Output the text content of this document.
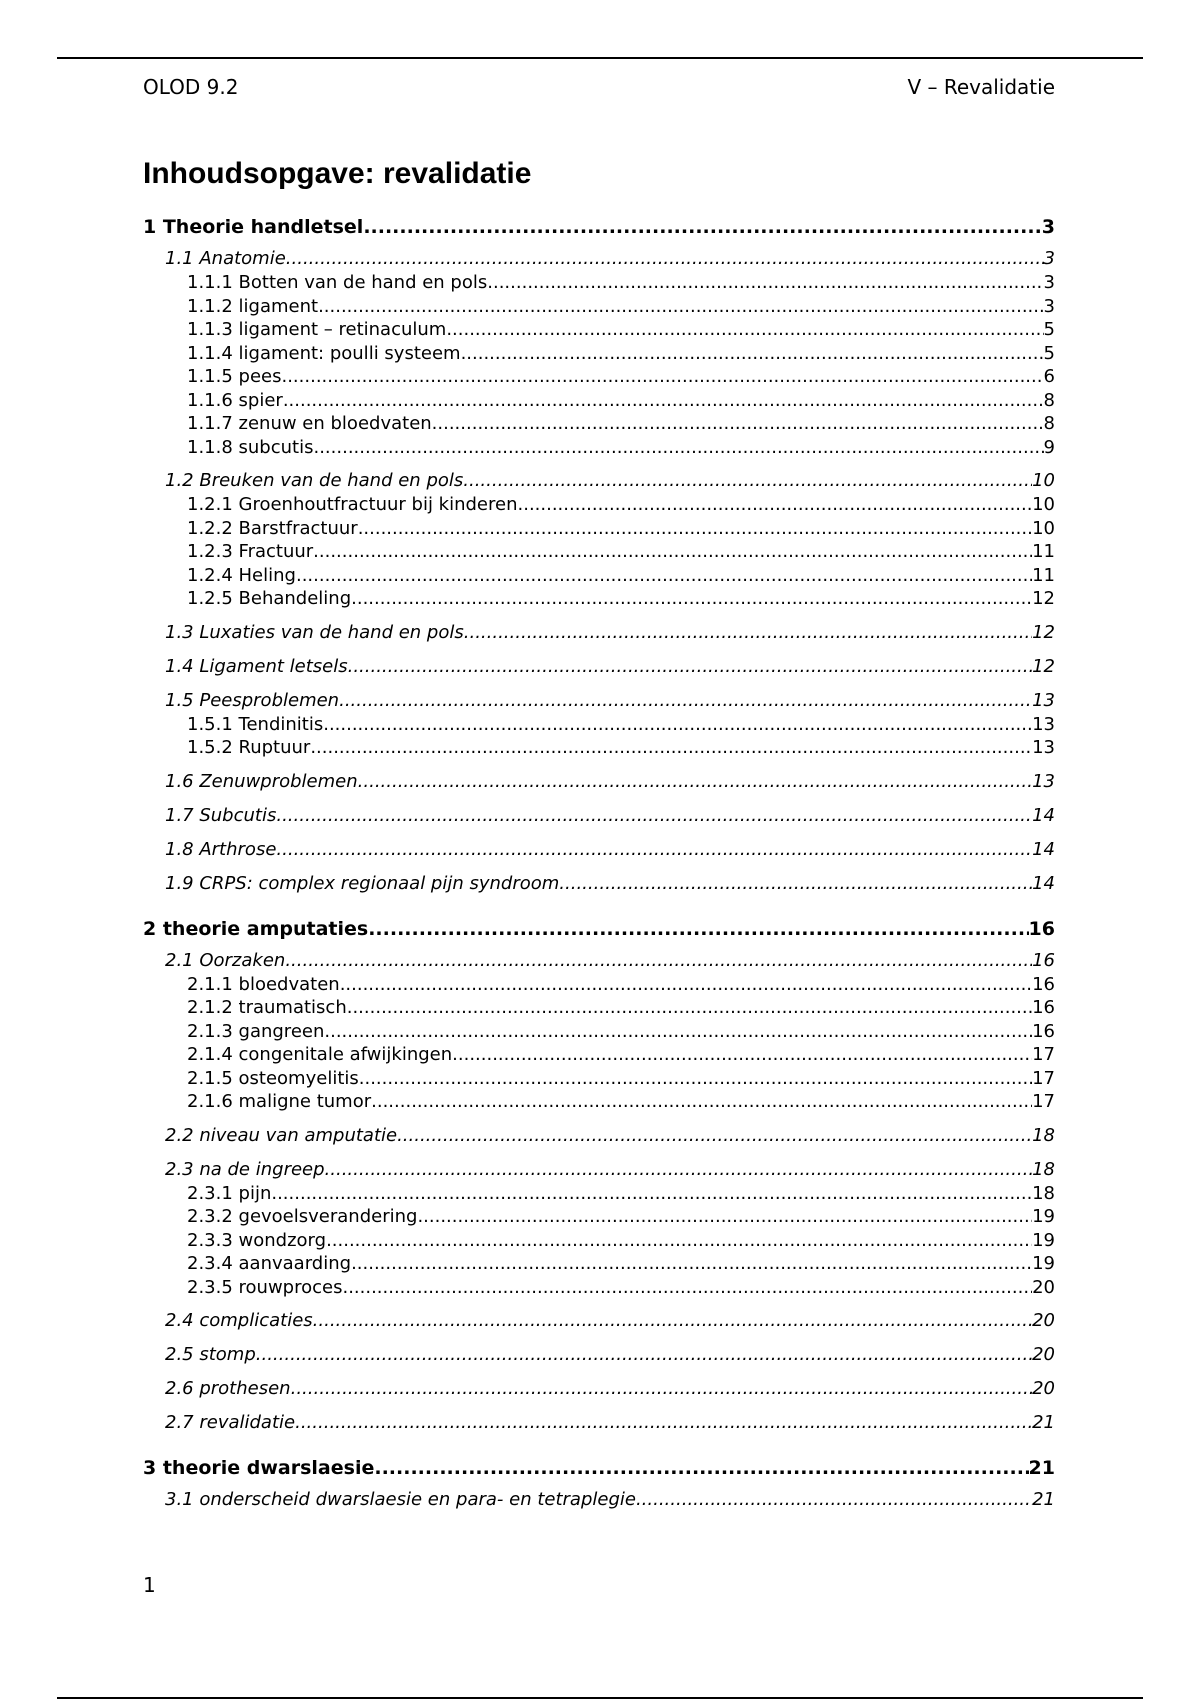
OLOD 9.2	V – Revalidatie
Inhoudsopgave: revalidatie
1 Theorie handletsel .....	3
1.1 Anatomie .....	3
1.1.1 Botten van de hand en pols .....	3
1.1.2 ligament .....	3
1.1.3 ligament – retinaculum .....	5
1.1.4 ligament: poulli systeem .....	5
1.1.5 pees .....	6
1.1.6 spier .....	8
1.1.7 zenuw en bloedvaten .....	8
1.1.8 subcutis .....	9
1.2 Breuken van de hand en pols .....	10
1.2.1 Groenhoutfractuur bij kinderen .....	10
1.2.2 Barstfractuur .....	10
1.2.3 Fractuur .....	11
1.2.4 Heling .....	11
1.2.5 Behandeling .....	12
1.3 Luxaties van de hand en pols .....	12
1.4 Ligament letsels .....	12
1.5 Peesproblemen .....	13
1.5.1 Tendinitis .....	13
1.5.2 Ruptuur .....	13
1.6 Zenuwproblemen .....	13
1.7 Subcutis .....	14
1.8 Arthrose .....	14
1.9 CRPS: complex regionaal pijn syndroom .....	14
2 theorie amputaties .....	16
2.1 Oorzaken .....	16
2.1.1 bloedvaten .....	16
2.1.2 traumatisch .....	16
2.1.3 gangreen .....	16
2.1.4 congenitale afwijkingen .....	17
2.1.5 osteomyelitis .....	17
2.1.6 maligne tumor .....	17
2.2 niveau van amputatie .....	18
2.3 na de ingreep .....	18
2.3.1 pijn .....	18
2.3.2 gevoelsverandering .....	19
2.3.3 wondzorg .....	19
2.3.4 aanvaarding .....	19
2.3.5 rouwproces .....	20
2.4 complicaties .....	20
2.5 stomp .....	20
2.6 prothesen .....	20
2.7 revalidatie .....	21
3 theorie dwarslaesie .....	21
3.1 onderscheid dwarslaesie en para- en tetraplegie .....	21
1
